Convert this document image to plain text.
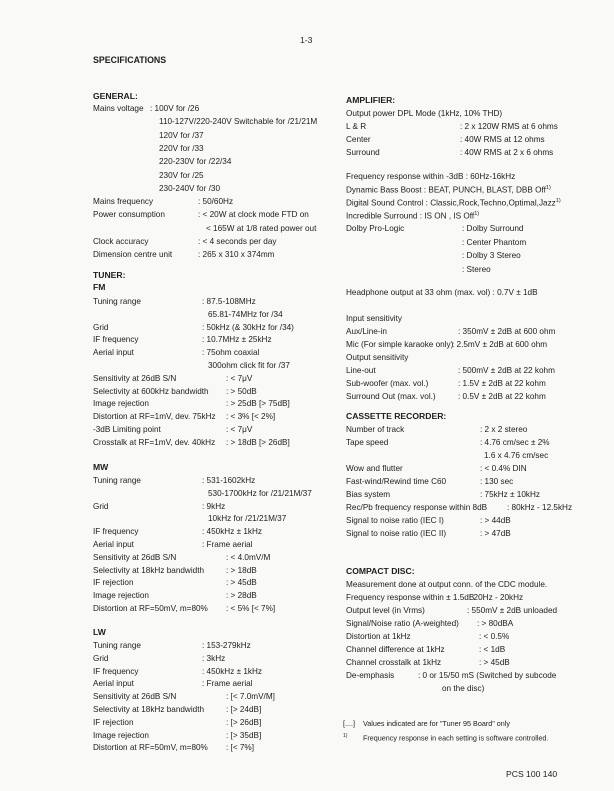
1-3
SPECIFICATIONS
GENERAL:
Mains voltage : 100V for /26
110-127V/220-240V Switchable for /21/21M
120V for /37
220V for /33
220-230V for /22/34
230V for /25
230-240V for /30
Mains frequency	: 50/60Hz
Power consumption	: < 20W at clock mode FTD on
< 165W at 1/8 rated power out
Clock accuracy	: < 4 seconds per day
Dimension centre unit	: 265 x 310 x 374mm
TUNER:
FM
Tuning range	: 87.5-108MHz
65.81-74MHz for /34
Grid	: 50kHz (& 30kHz for /34)
IF frequency	: 10.7MHz ± 25kHz
Aerial input	: 75ohm coaxial
300ohm click fit for /37
Sensitivity at 26dB S/N	: < 7μV
Selectivity at 600kHz bandwidth : > 50dB
Image rejection	: > 25dB [> 75dB]
Distortion at RF=1mV, dev. 75kHz : < 3% [< 2%]
-3dB Limiting point	: < 7μV
Crosstalk at RF=1mV, dev. 40kHz : > 18dB [> 26dB]
MW
Tuning range	: 531-1602kHz
530-1700kHz for /21/21M/37
Grid	: 9kHz
10kHz for /21/21M/37
IF frequency	: 450kHz ± 1kHz
Aerial input	: Frame aerial
Sensitivity at 26dB S/N	: < 4.0mV/M
Selectivity at 18kHz bandwidth	: > 18dB
IF rejection	: > 45dB
Image rejection	: > 28dB
Distortion at RF=50mV, m=80% : < 5% [< 7%]
LW
Tuning range	: 153-279kHz
Grid	: 3kHz
IF frequency	: 450kHz ± 1kHz
Aerial input	: Frame aerial
Sensitivity at 26dB S/N	: [< 7.0mV/M]
Selectivity at 18kHz bandwidth	: [> 24dB]
IF rejection	: [> 26dB]
Image rejection	: [> 35dB]
Distortion at RF=50mV, m=80% : [< 7%]
AMPLIFIER:
Output power DPL Mode (1kHz, 10% THD)
L & R	: 2 x 120W RMS at 6 ohms
Center	: 40W RMS at 12 ohms
Surround	: 40W RMS at 2 x 6 ohms
Frequency response within -3dB : 60Hz-16kHz
Dynamic Bass Boost : BEAT, PUNCH, BLAST, DBB Off$^{1)}$
Digital Sound Control : Classic,Rock,Techno,Optimal,Jazz$^{1)}$
Incredible Surround : IS ON , IS Off$^{1)}$
Dolby Pro-Logic	: Dolby Surround
: Center Phantom
: Dolby 3 Stereo
: Stereo
Headphone output at 33 ohm (max. vol) : 0.7V ± 1dB
Input sensitivity
Aux/Line-in	: 350mV ± 2dB at 600 ohm
Mic (For simple karaoke only)
: 2.5mV ± 2dB at 600 ohm
Output sensitivity
Line-out	: 500mV ± 2dB at 22 kohm
Sub-woofer (max. vol.)	: 1.5V ± 2dB at 22 kohm
Surround Out (max. vol.)	: 0.5V ± 2dB at 22 kohm
CASSETTE RECORDER:
Number of track	: 2 x 2 stereo
Tape speed	: 4.76 cm/sec ± 2%
1.6 x 4.76 cm/sec
Wow and flutter	: < 0.4% DIN
Fast-wind/Rewind time C60	: 130 sec
Bias system	: 75kHz ± 10kHz
Rec/Pb frequency response within 8dB : 80kHz - 12.5kHz
Signal to noise ratio (IEC I)	: > 44dB
Signal to noise ratio (IEC II)	: > 47dB
COMPACT DISC:
Measurement done at output conn. of the CDC module.
Frequency response within ± 1.5dB
: 20Hz - 20kHz
Output level (in Vrms)	: 550mV ± 2dB unloaded
Signal/Noise ratio (A-weighted) : > 80dBA
Distortion at 1kHz	: < 0.5%
Channel difference at 1kHz	: < 1dB
Channel crosstalk at 1kHz	: > 45dB
De-emphasis	: 0 or 15/50 mS (Switched by subcode
on the disc)
[....] Values indicated are for "Tuner 95 Board" only
$^{1)}$ Frequency response in each setting is software controlled.
PCS 100 140
